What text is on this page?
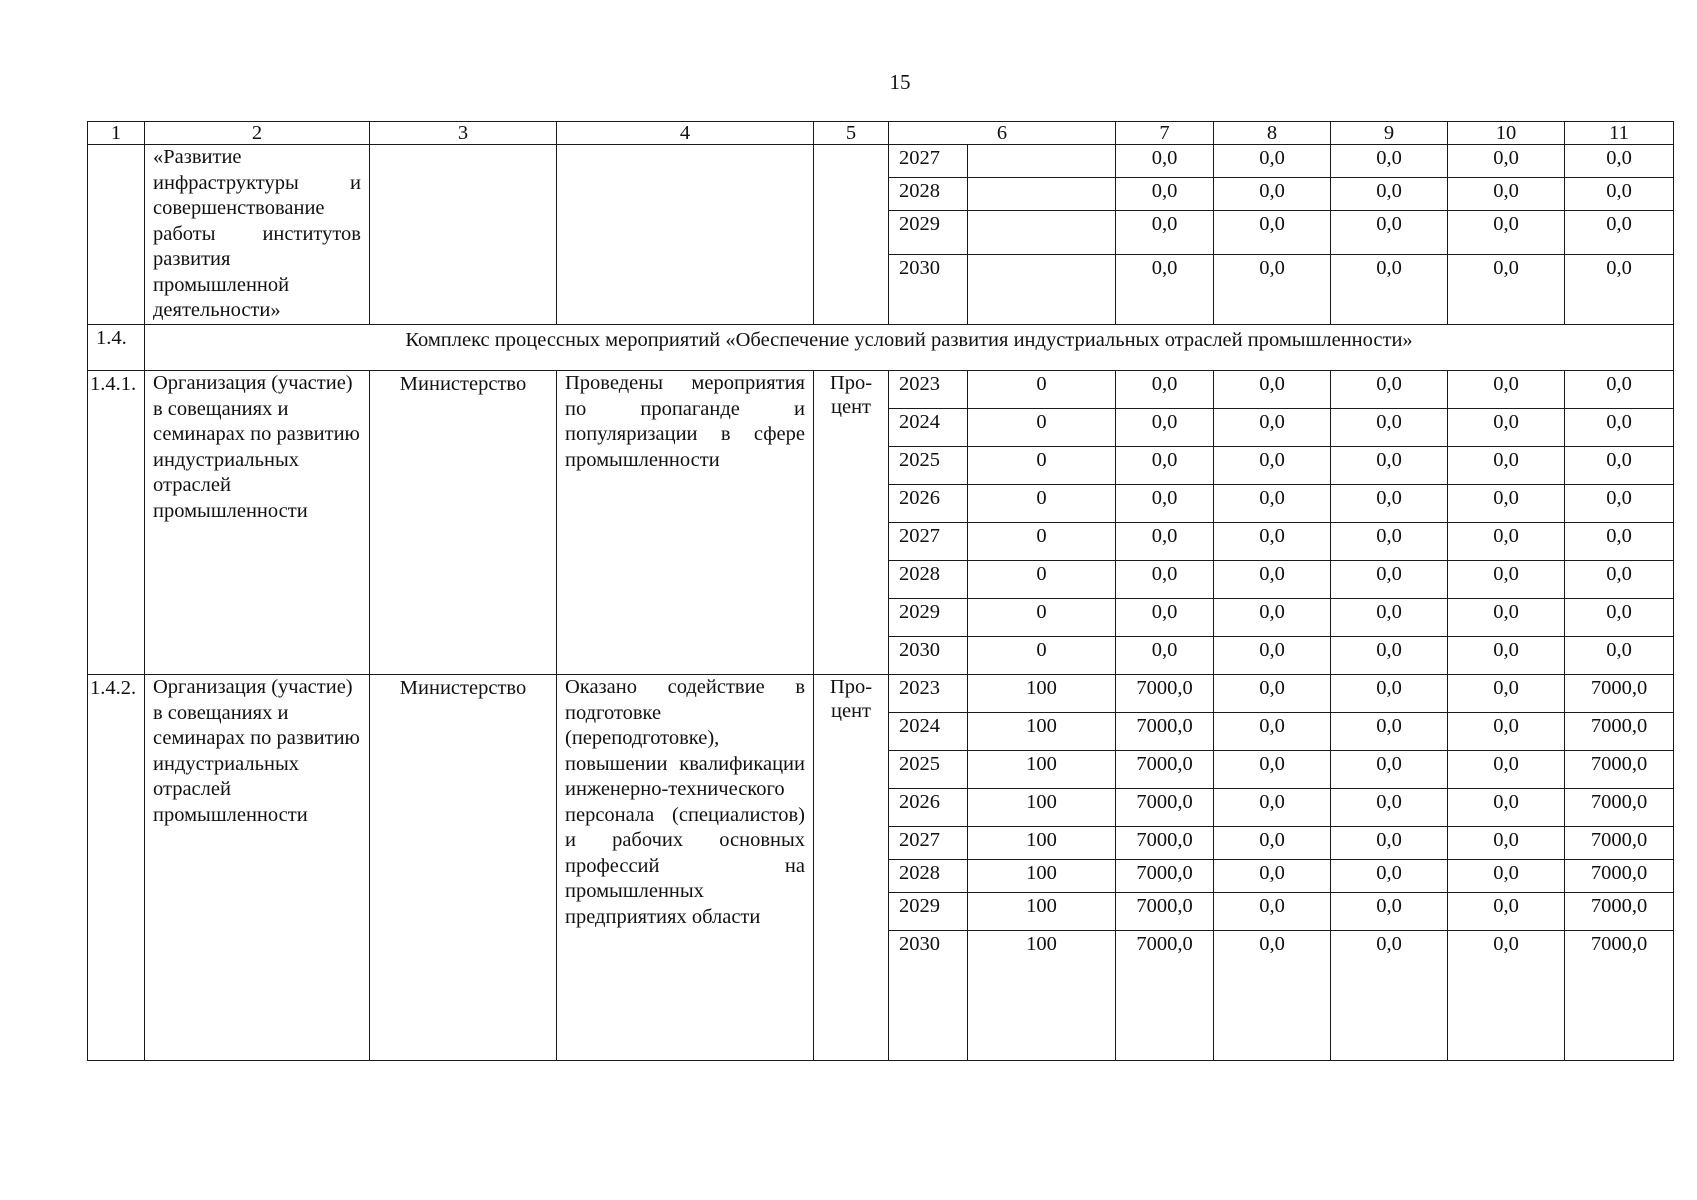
15
1	2	3	4	5	6		7	8	9	10	11
	«Развитие инфраструктуры и совершенствование работы институтов развития промышленной деятельности»				2027		0,0	0,0	0,0	0,0	0,0
					2028		0,0	0,0	0,0	0,0	0,0
					2029		0,0	0,0	0,0	0,0	0,0
					2030		0,0	0,0	0,0	0,0	0,0
1.4.	Комплекс процессных мероприятий «Обеспечение условий развития индустриальных отраслей промышленности»										
1.4.1.	Организация (участие) в совещаниях и семинарах по развитию индустриальных отраслей промышленности	Министерство	Проведены мероприятия по пропаганде и популяризации в сфере промышленности	Про-цент	2023	0	0,0	0,0	0,0	0,0	0,0
					2024	0	0,0	0,0	0,0	0,0	0,0
					2025	0	0,0	0,0	0,0	0,0	0,0
					2026	0	0,0	0,0	0,0	0,0	0,0
					2027	0	0,0	0,0	0,0	0,0	0,0
					2028	0	0,0	0,0	0,0	0,0	0,0
					2029	0	0,0	0,0	0,0	0,0	0,0
					2030	0	0,0	0,0	0,0	0,0	0,0
1.4.2.	Организация (участие) в совещаниях и семинарах по развитию индустриальных отраслей промышленности	Министерство	Оказано содействие в подготовке (переподготовке), повышении квалификации инженерно-технического персонала (специалистов) и рабочих основных профессий на промышленных предприятиях области	Про-цент	2023	100	7000,0	0,0	0,0	0,0	7000,0
					2024	100	7000,0	0,0	0,0	0,0	7000,0
					2025	100	7000,0	0,0	0,0	0,0	7000,0
					2026	100	7000,0	0,0	0,0	0,0	7000,0
					2027	100	7000,0	0,0	0,0	0,0	7000,0
					2028	100	7000,0	0,0	0,0	0,0	7000,0
					2029	100	7000,0	0,0	0,0	0,0	7000,0
					2030	100	7000,0	0,0	0,0	0,0	7000,0
